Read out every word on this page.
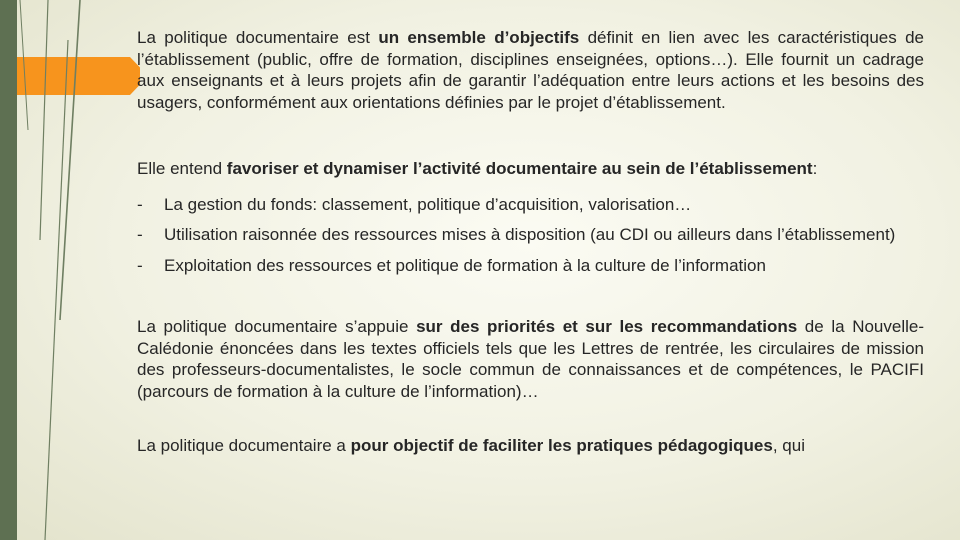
La politique documentaire est un ensemble d’objectifs définit en lien avec les caractéristiques de l’établissement (public, offre de formation, disciplines enseignées, options…). Elle fournit un cadrage aux enseignants et à leurs projets afin de garantir l’adéquation entre leurs actions et les besoins des usagers, conformément aux orientations définies par le projet d’établissement.

Elle entend favoriser et dynamiser l’activité documentaire au sein de l’établissement:

- La gestion du fonds: classement, politique d’acquisition, valorisation…
- Utilisation raisonnée des ressources mises à disposition (au CDI ou ailleurs dans l’établissement)
- Exploitation des ressources et politique de formation à la culture de l’information

La politique documentaire s’appuie sur des priorités et sur les recommandations de la Nouvelle-Calédonie énoncées dans les textes officiels tels que les Lettres de rentrée, les circulaires de mission des professeurs-documentalistes, le socle commun de connaissances et de compétences, le PACIFI (parcours de formation à la culture de l’information)…

La politique documentaire a pour objectif de faciliter les pratiques pédagogiques, qui
